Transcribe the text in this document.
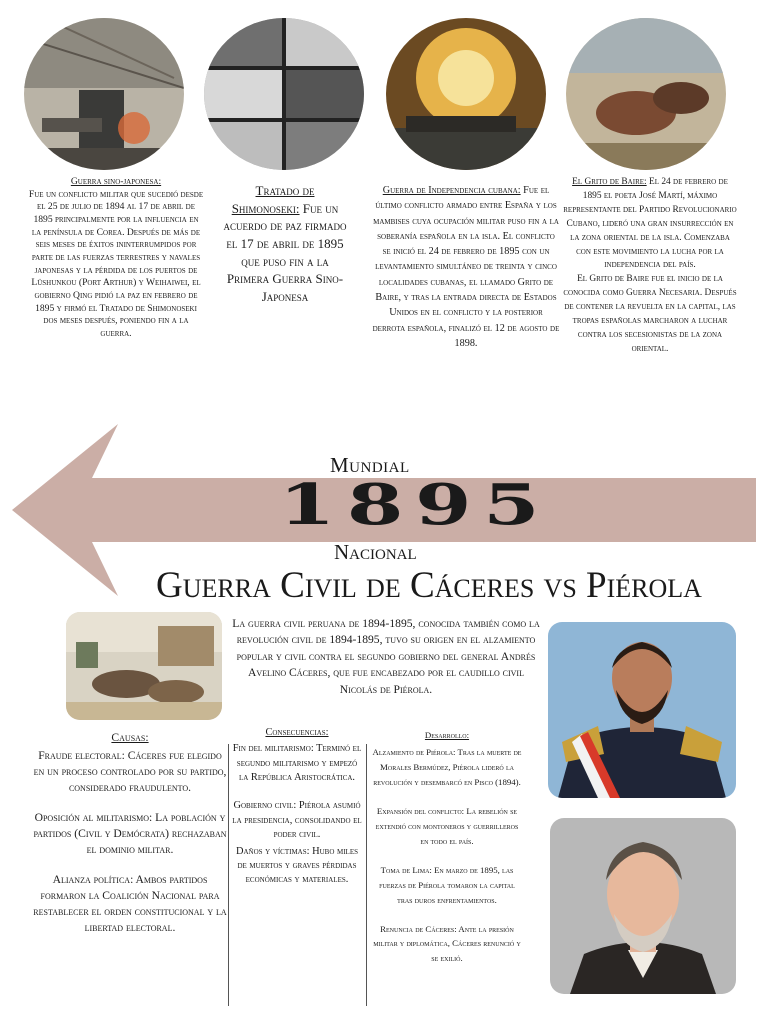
Guerra sino-japonesa:
Fue un conflicto militar que sucedió desde el 25 de julio de 1894 al 17 de abril de 1895 principalmente por la influencia en la península de Corea. Después de más de seis meses de éxitos ininterrumpidos por parte de las fuerzas terrestres y navales japonesas y la pérdida de los puertos de Lüshunkou (Port Arthur) y Weihaiwei, el gobierno Qing pidió la paz en febrero de 1895 y firmó el Tratado de Shimonoseki dos meses después, poniendo fin a la guerra.
Tratado de Shimonoseki: Fue un acuerdo de paz firmado el 17 de abril de 1895 que puso fin a la Primera Guerra Sino-Japonesa
Guerra de Independencia cubana: Fue el último conflicto armado entre España y los mambises cuya ocupación militar puso fin a la soberanía española en la isla. El conflicto se inició el 24 de febrero de 1895 con un levantamiento simultáneo de treinta y cinco localidades cubanas, el llamado Grito de Baire, y tras la entrada directa de Estados Unidos en el conflicto y la posterior derrota española, finalizó el 12 de agosto de 1898.
El Grito de Baire: El 24 de febrero de 1895 el poeta José Martí, máximo representante del Partido Revolucionario Cubano, lideró una gran insurrección en la zona oriental de la isla. Comenzaba con este movimiento la lucha por la independencia del país.
El Grito de Baire fue el inicio de la conocida como Guerra Necesaria. Después de contener la revuelta en la capital, las tropas españolas marcharon a luchar contra los secesionistas de la zona oriental.
Mundial
1895
Nacional
Guerra Civil de Cáceres vs Piérola
La guerra civil peruana de 1894-1895, conocida también como la revolución civil de 1894-1895, tuvo su origen en el alzamiento popular y civil contra el segundo gobierno del general Andrés Avelino Cáceres, que fue encabezado por el caudillo civil Nicolás de Piérola.
Causas:

Fraude electoral: Cáceres fue elegido en un proceso controlado por su partido, considerado fraudulento.

Oposición al militarismo: La población y partidos (Civil y Demócrata) rechazaban el dominio militar.

Alianza política: Ambos partidos formaron la Coalición Nacional para restablecer el orden constitucional y la libertad electoral.

Consecuencias:

Fin del militarismo: Terminó el segundo militarismo y empezó la República Aristocrática.

Gobierno civil: Piérola asumió la presidencia, consolidando el poder civil.

Daños y víctimas: Hubo miles de muertos y graves pérdidas económicas y materiales.

Desarrollo:

Alzamiento de Piérola: Tras la muerte de Morales Bermúdez, Piérola lideró la revolución y desembarcó en Pisco (1894).

Expansión del conflicto: La rebelión se extendió con montoneros y guerrilleros en todo el país.

Toma de Lima: En marzo de 1895, las fuerzas de Piérola tomaron la capital tras duros enfrentamientos.

Renuncia de Cáceres: Ante la presión militar y diplomática, Cáceres renunció y se exilió.
